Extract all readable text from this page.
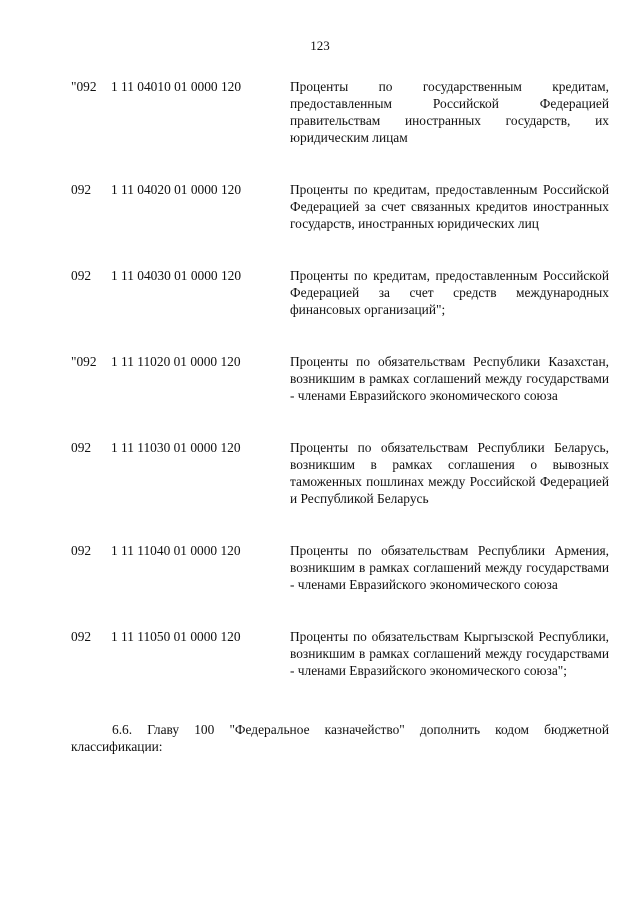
123
"092 1 11 04010 01 0000 120	Проценты по государственным кредитам, предоставленным Российской Федерацией правительствам иностранных государств, их юридическим лицам
092 1 11 04020 01 0000 120	Проценты по кредитам, предоставленным Российской Федерацией за счет связанных кредитов иностранных государств, иностранных юридических лиц
092 1 11 04030 01 0000 120	Проценты по кредитам, предоставленным Российской Федерацией за счет средств международных финансовых организаций";
"092 1 11 11020 01 0000 120	Проценты по обязательствам Республики Казахстан, возникшим в рамках соглашений между государствами - членами Евразийского экономического союза
092 1 11 11030 01 0000 120	Проценты по обязательствам Республики Беларусь, возникшим в рамках соглашения о вывозных таможенных пошлинах между Российской Федерацией и Республикой Беларусь
092 1 11 11040 01 0000 120	Проценты по обязательствам Республики Армения, возникшим в рамках соглашений между государствами - членами Евразийского экономического союза
092 1 11 11050 01 0000 120	Проценты по обязательствам Кыргызской Республики, возникшим в рамках соглашений между государствами - членами Евразийского экономического союза";

6.6. Главу 100 "Федеральное казначейство" дополнить кодом бюджетной классификации:
